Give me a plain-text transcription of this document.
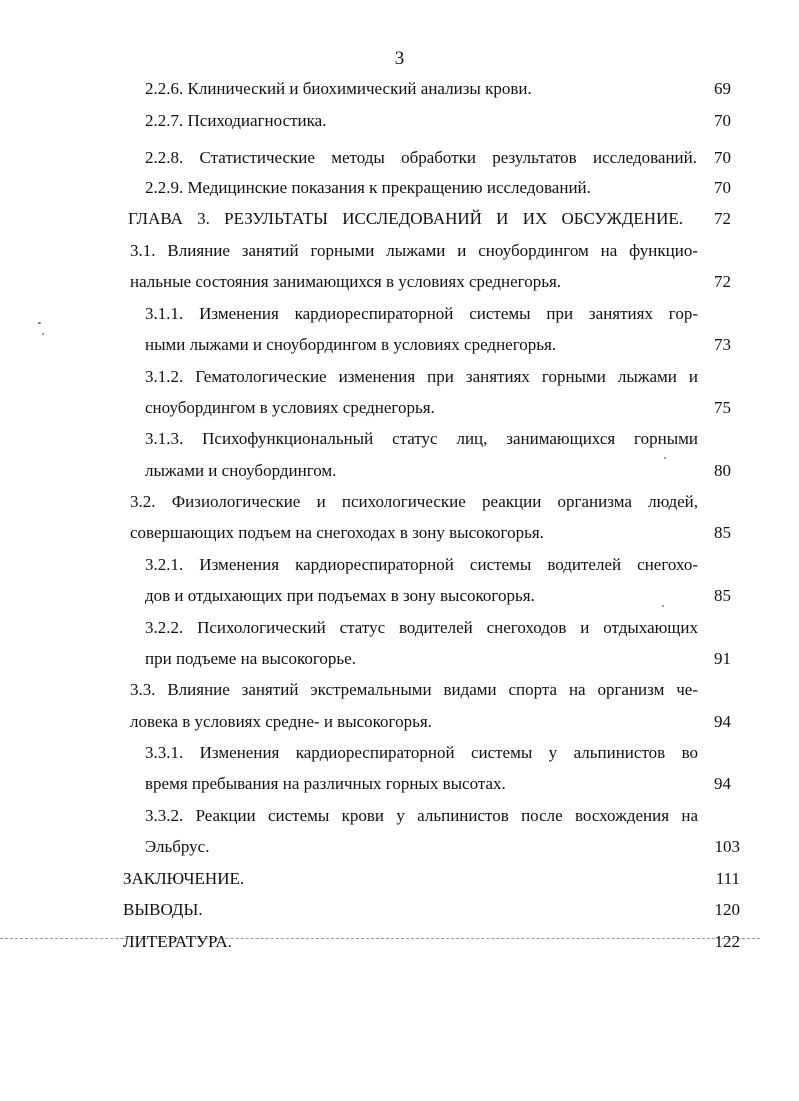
3
2.2.6. Клинический и биохимический анализы крови.	69
2.2.7. Психодиагностика.	70
2.2.8. Статистические методы обработки результатов исследований.	70
2.2.9. Медицинские показания к прекращению исследований.	70
ГЛАВА 3. РЕЗУЛЬТАТЫ ИССЛЕДОВАНИЙ И ИХ ОБСУЖДЕНИЕ.	72
3.1. Влияние занятий горными лыжами и сноубордингом на функцио-
нальные состояния занимающихся в условиях среднегорья.	72
3.1.1. Изменения кардиореспираторной системы при занятиях гор-
ными лыжами и сноубордингом в условиях среднегорья.	73
3.1.2. Гематологические изменения при занятиях горными лыжами и
сноубордингом в условиях среднегорья.	75
3.1.3. Психофункциональный статус лиц, занимающихся горными
лыжами и сноубордингом.	80
3.2. Физиологические и психологические реакции организма людей,
совершающих подъем на снегоходах в зону высокогорья.	85
3.2.1. Изменения кардиореспираторной системы водителей снегохо-
дов и отдыхающих при подъемах в зону высокогорья.	85
3.2.2. Психологический статус водителей снегоходов и отдыхающих
при подъеме на высокогорье.	91
3.3. Влияние занятий экстремальными видами спорта на организм че-
ловека в условиях средне- и высокогорья.	94
3.3.1. Изменения кардиореспираторной системы у альпинистов во
время пребывания на различных горных высотах.	94
3.3.2. Реакции системы крови у альпинистов после восхождения на
Эльбрус.	103
ЗАКЛЮЧЕНИЕ.	111
ВЫВОДЫ.	120
ЛИТЕРАТУРА.	122
